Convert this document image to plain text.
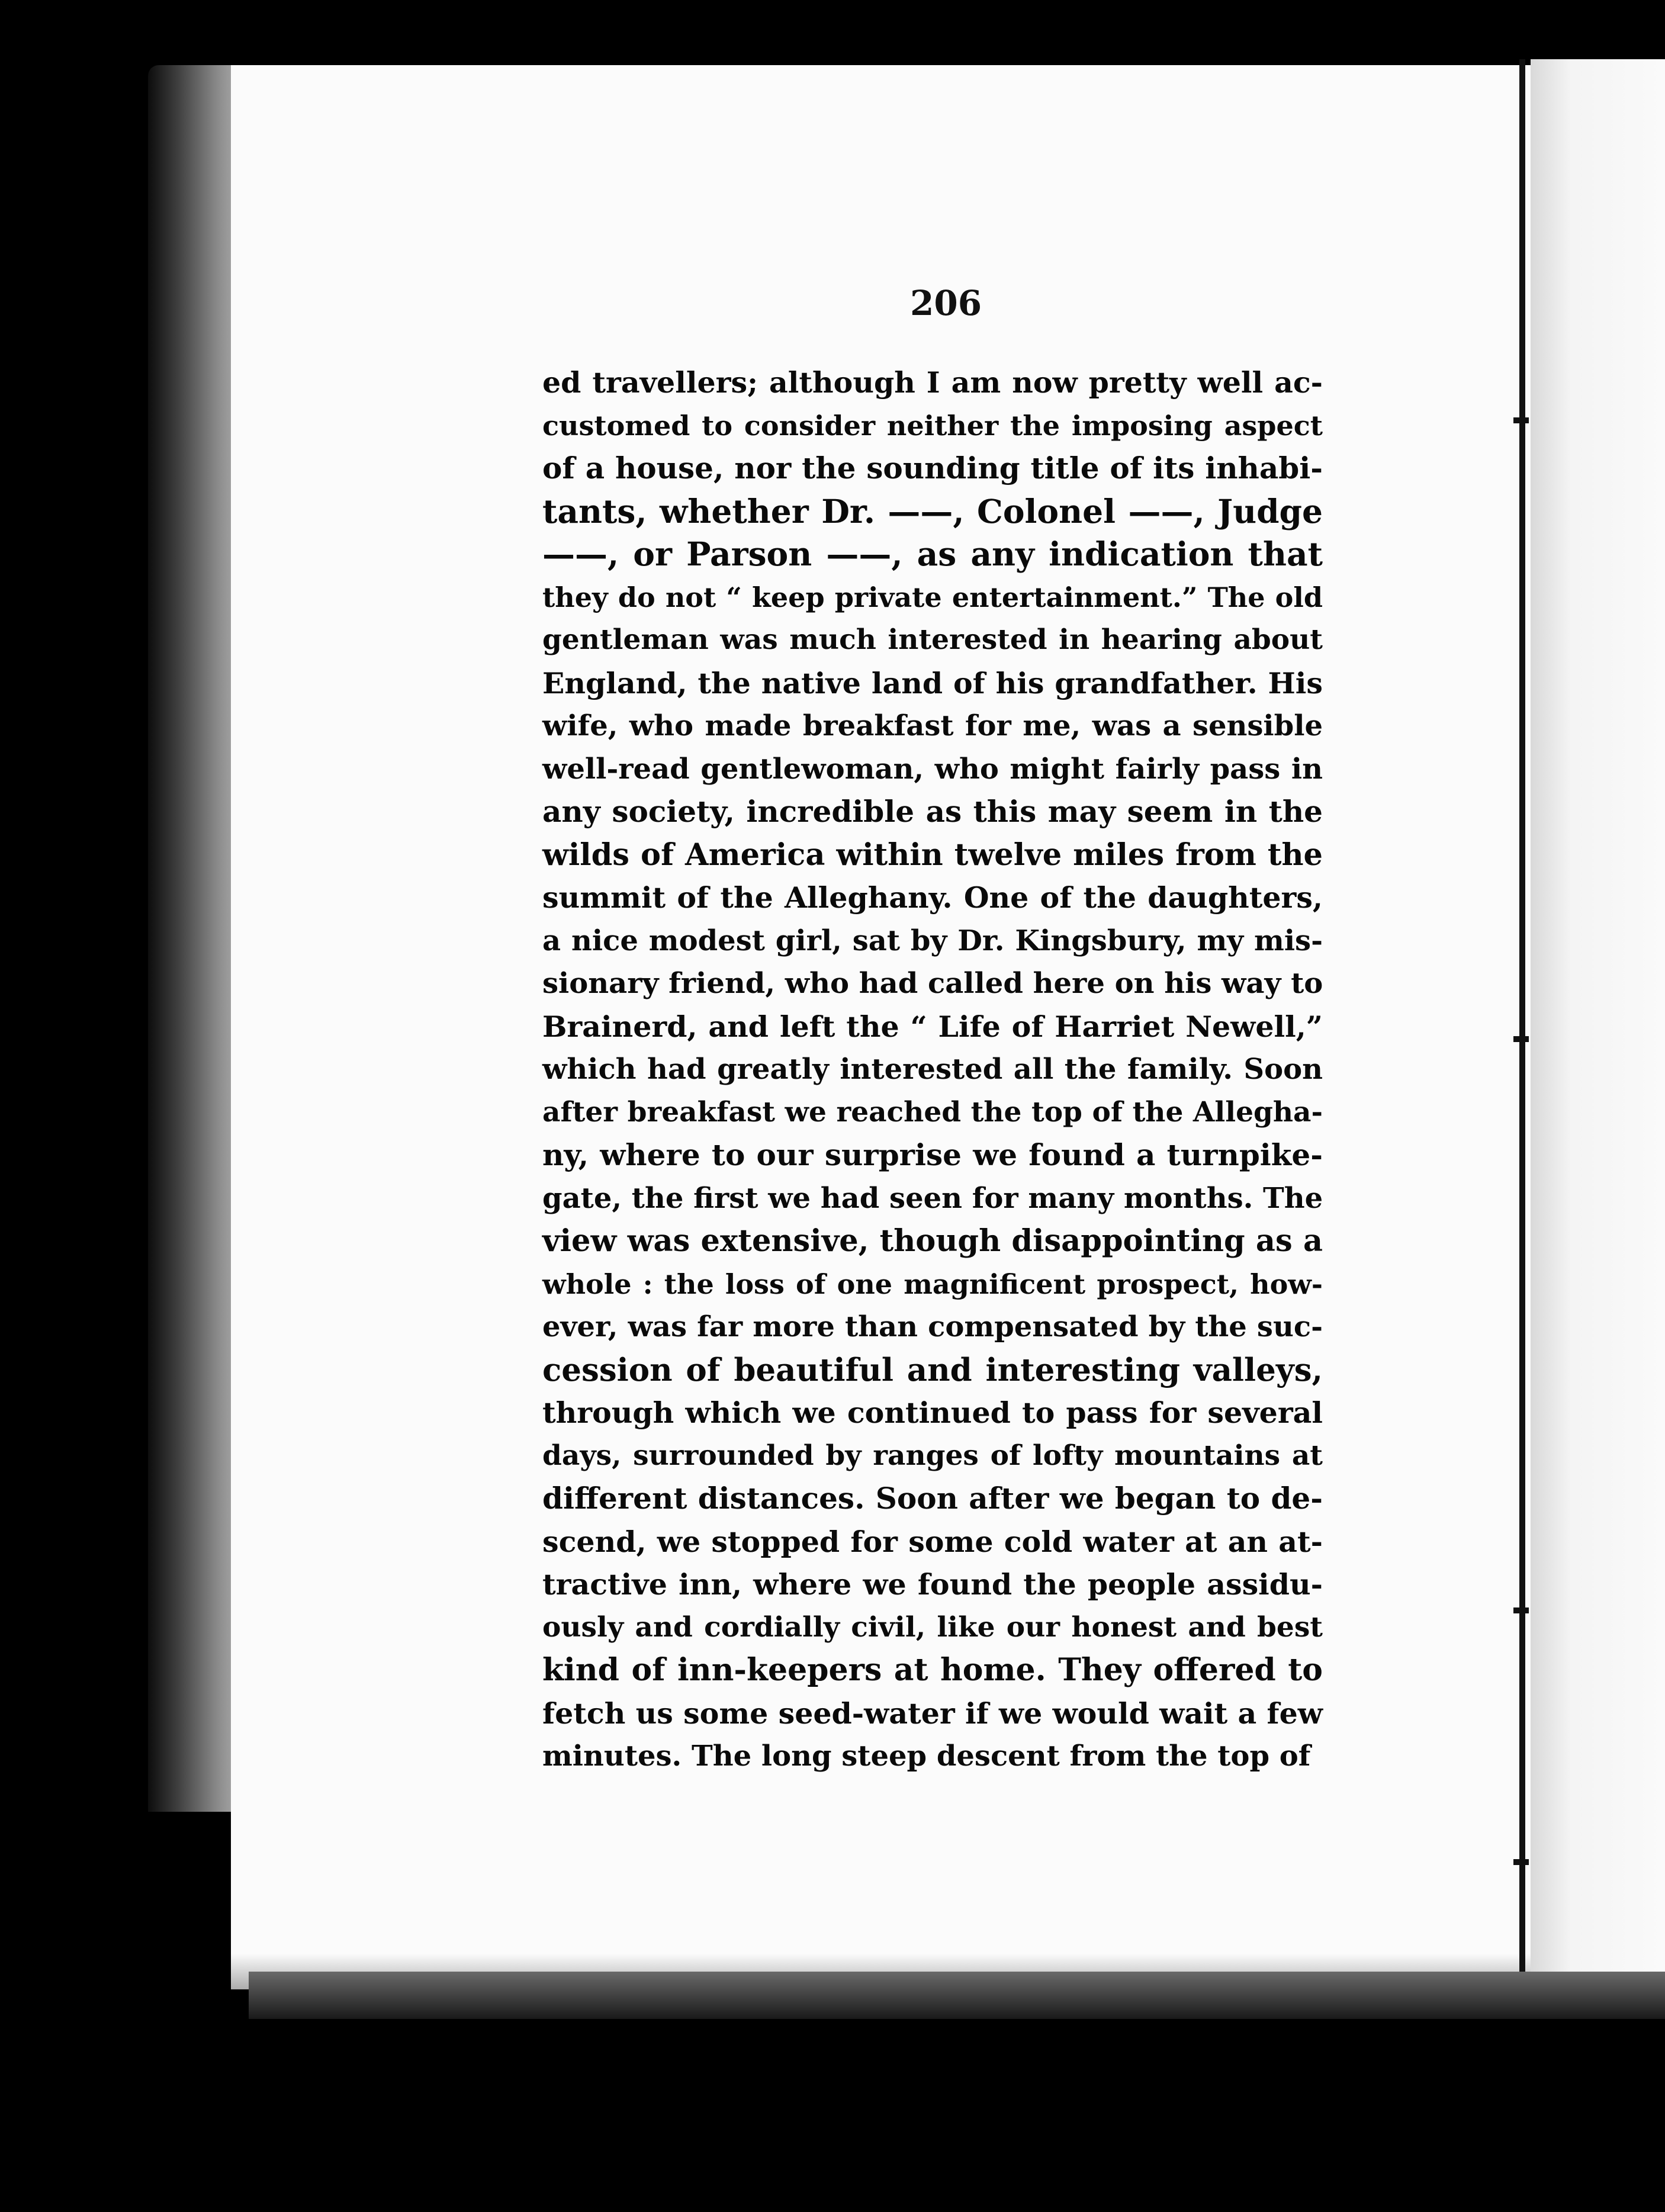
206
ed travellers; although I am now pretty well ac-
customed to consider neither the imposing aspect
of a house, nor the sounding title of its inhabi-
tants, whether Dr. ——, Colonel ——, Judge
——, or Parson ——, as any indication that
they do not “ keep private entertainment.” The old
gentleman was much interested in hearing about
England, the native land of his grandfather. His
wife, who made breakfast for me, was a sensible
well-read gentlewoman, who might fairly pass in
any society, incredible as this may seem in the
wilds of America within twelve miles from the
summit of the Alleghany. One of the daughters,
a nice modest girl, sat by Dr. Kingsbury, my mis-
sionary friend, who had called here on his way to
Brainerd, and left the “ Life of Harriet Newell,”
which had greatly interested all the family. Soon
after breakfast we reached the top of the Allegha-
ny, where to our surprise we found a turnpike-
gate, the first we had seen for many months. The
view was extensive, though disappointing as a
whole : the loss of one magnificent prospect, how-
ever, was far more than compensated by the suc-
cession of beautiful and interesting valleys,
through which we continued to pass for several
days, surrounded by ranges of lofty mountains at
different distances. Soon after we began to de-
scend, we stopped for some cold water at an at-
tractive inn, where we found the people assidu-
ously and cordially civil, like our honest and best
kind of inn-keepers at home. They offered to
fetch us some seed-water if we would wait a few
minutes. The long steep descent from the top of
